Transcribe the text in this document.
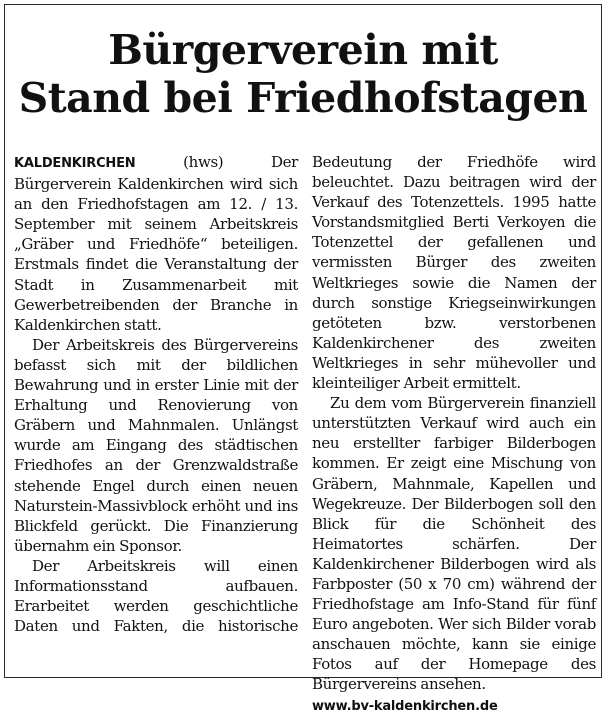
Bürgerverein mit
Stand bei Friedhofstagen

KALDENKIRCHEN (hws) Der Bürgerverein Kaldenkirchen wird sich an den Friedhofstagen am 12. / 13. September mit seinem Arbeitskreis „Gräber und Friedhöfe“ beteiligen. Erstmals findet die Veranstaltung der Stadt in Zusammenarbeit mit Gewerbetreibenden der Branche in Kaldenkirchen statt.

Der Arbeitskreis des Bürgervereins befasst sich mit der bildlichen Bewahrung und in erster Linie mit der Erhaltung und Renovierung von Gräbern und Mahnmalen. Unlängst wurde am Eingang des städtischen Friedhofes an der Grenzwaldstraße stehende Engel durch einen neuen Naturstein-Massivblock erhöht und ins Blickfeld gerückt. Die Finanzierung übernahm ein Sponsor.

Der Arbeitskreis will einen Informationsstand aufbauen. Erarbeitet werden geschichtliche Daten und Fakten, die historische

Bedeutung der Friedhöfe wird beleuchtet. Dazu beitragen wird der Verkauf des Totenzettels. 1995 hatte Vorstandsmitglied Berti Verkoyen die Totenzettel der gefallenen und vermissten Bürger des zweiten Weltkrieges sowie die Namen der durch sonstige Kriegseinwirkungen getöteten bzw. verstorbenen Kaldenkirchener des zweiten Weltkrieges in sehr mühevoller und kleinteiliger Arbeit ermittelt.

Zu dem vom Bürgerverein finanziell unterstützten Verkauf wird auch ein neu erstellter farbiger Bilderbogen kommen. Er zeigt eine Mischung von Gräbern, Mahnmale, Kapellen und Wegekreuze. Der Bilderbogen soll den Blick für die Schönheit des Heimatortes schärfen. Der Kaldenkirchener Bilderbogen wird als Farbposter (50 x 70 cm) während der Friedhofstage am Info-Stand für fünf Euro angeboten. Wer sich Bilder vorab anschauen möchte, kann sie einige Fotos auf der Homepage des Bürgervereins ansehen.

www.bv-kaldenkirchen.de
